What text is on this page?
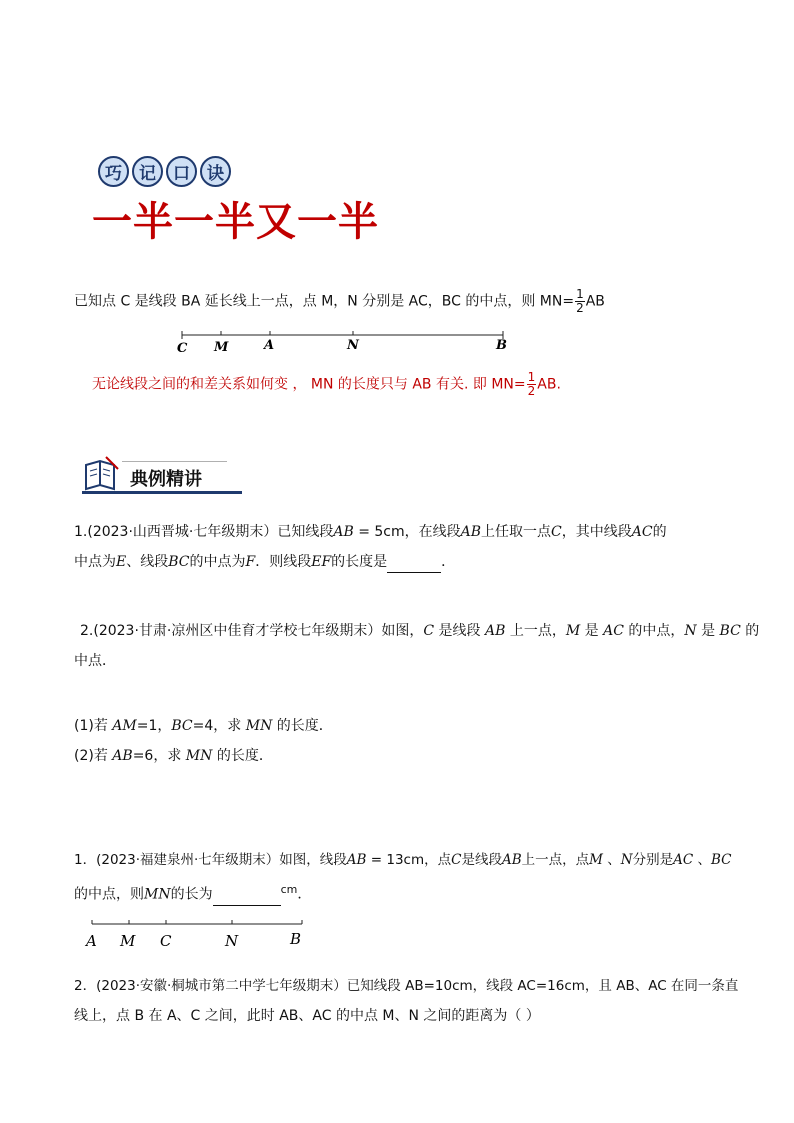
巧	记	口	诀
一半一半又一半
已知点 C 是线段 BA 延长线上一点，点 M，N 分别是 AC，BC 的中点，则 $MN= \frac{1}{2}$ AB
C M	A	N	B
无论线段之间的和差关系如何变 ， MN 的长度只与 AB 有关. 即 $MN= \frac{1}{2}$ AB.
典例精讲
1.(2023·山西晋城·七年级期末）已知线段AB = 5cm，在线段AB上任取一点C，其中线段AC的
中点为E、线段BC的中点为F．则线段EF的长度是	．
2.(2023·甘肃·凉州区中佳育才学校七年级期末）如图，C 是线段 AB 上一点，M 是 AC 的中点，N 是 BC 的
中点．
(1)若 AM=1，BC=4，求 MN 的长度．
(2)若 AB=6，求 MN 的长度．
1．(2023·福建泉州·七年级期末）如图，线段AB = 13cm，点C是线段AB上一点，点M 、N分别是AC 、BC
的中点，则MN的长为	$^{cm}$．
A M C	N	B
2．(2023·安徽·桐城市第二中学七年级期末）已知线段 AB=10cm，线段 AC=16cm，且 AB、AC 在同一条直
线上，点 B 在 A、C 之间，此时 AB、AC 的中点 M、N 之间的距离为（ ）
